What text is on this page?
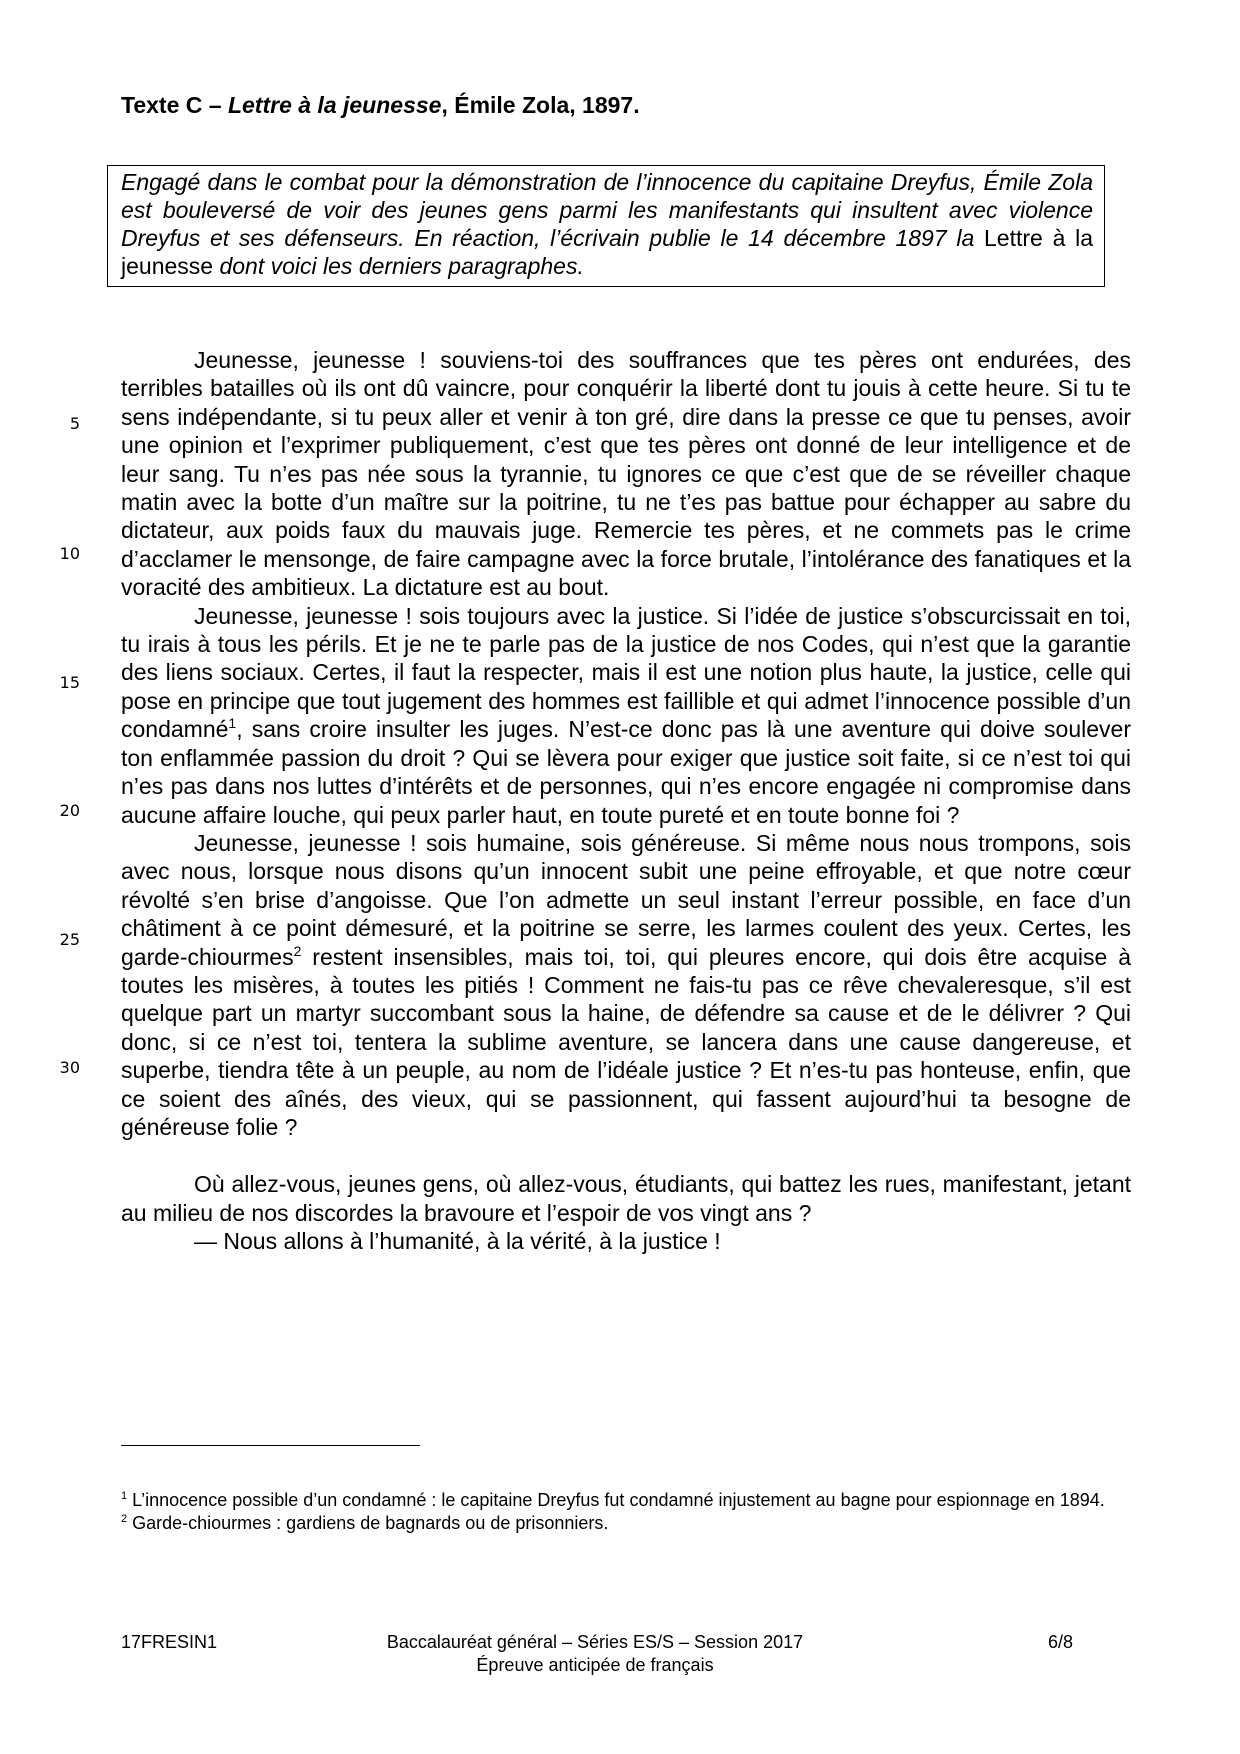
Texte C – Lettre à la jeunesse, Émile Zola, 1897.

Engagé dans le combat pour la démonstration de l’innocence du capitaine Dreyfus, Émile Zola est bouleversé de voir des jeunes gens parmi les manifestants qui insultent avec violence Dreyfus et ses défenseurs. En réaction, l’écrivain publie le 14 décembre 1897 la Lettre à la jeunesse dont voici les derniers paragraphes.

5
10
15
20
25
30

Jeunesse, jeunesse ! souviens-toi des souffrances que tes pères ont endurées, des terribles batailles où ils ont dû vaincre, pour conquérir la liberté dont tu jouis à cette heure. Si tu te sens indépendante, si tu peux aller et venir à ton gré, dire dans la presse ce que tu penses, avoir une opinion et l’exprimer publiquement, c’est que tes pères ont donné de leur intelligence et de leur sang. Tu n’es pas née sous la tyrannie, tu ignores ce que c’est que de se réveiller chaque matin avec la botte d’un maître sur la poitrine, tu ne t’es pas battue pour échapper au sabre du dictateur, aux poids faux du mauvais juge. Remercie tes pères, et ne commets pas le crime d’acclamer le mensonge, de faire campagne avec la force brutale, l’intolérance des fanatiques et la voracité des ambitieux. La dictature est au bout.

Jeunesse, jeunesse ! sois toujours avec la justice. Si l’idée de justice s’obscurcissait en toi, tu irais à tous les périls. Et je ne te parle pas de la justice de nos Codes, qui n’est que la garantie des liens sociaux. Certes, il faut la respecter, mais il est une notion plus haute, la justice, celle qui pose en principe que tout jugement des hommes est faillible et qui admet l’innocence possible d’un condamné$^1$, sans croire insulter les juges. N’est-ce donc pas là une aventure qui doive soulever ton enflammée passion du droit ? Qui se lèvera pour exiger que justice soit faite, si ce n’est toi qui n’es pas dans nos luttes d’intérêts et de personnes, qui n’es encore engagée ni compromise dans aucune affaire louche, qui peux parler haut, en toute pureté et en toute bonne foi ?

Jeunesse, jeunesse ! sois humaine, sois généreuse. Si même nous nous trompons, sois avec nous, lorsque nous disons qu’un innocent subit une peine effroyable, et que notre cœur révolté s’en brise d’angoisse. Que l’on admette un seul instant l’erreur possible, en face d’un châtiment à ce point démesuré, et la poitrine se serre, les larmes coulent des yeux. Certes, les garde-chiourmes$^2$ restent insensibles, mais toi, toi, qui pleures encore, qui dois être acquise à toutes les misères, à toutes les pitiés ! Comment ne fais-tu pas ce rêve chevaleresque, s’il est quelque part un martyr succombant sous la haine, de défendre sa cause et de le délivrer ? Qui donc, si ce n’est toi, tentera la sublime aventure, se lancera dans une cause dangereuse, et superbe, tiendra tête à un peuple, au nom de l’idéale justice ? Et n’es-tu pas honteuse, enfin, que ce soient des aînés, des vieux, qui se passionnent, qui fassent aujourd’hui ta besogne de généreuse folie ?

Où allez-vous, jeunes gens, où allez-vous, étudiants, qui battez les rues, manifestant, jetant au milieu de nos discordes la bravoure et l’espoir de vos vingt ans ?

— Nous allons à l’humanité, à la vérité, à la justice !

$^1$ L’innocence possible d’un condamné : le capitaine Dreyfus fut condamné injustement au bagne pour espionnage en 1894.

$^2$ Garde-chiourmes : gardiens de bagnards ou de prisonniers.

17FRESIN1	Baccalauréat général – Séries ES/S – Session 2017
Épreuve anticipée de français
6/8
